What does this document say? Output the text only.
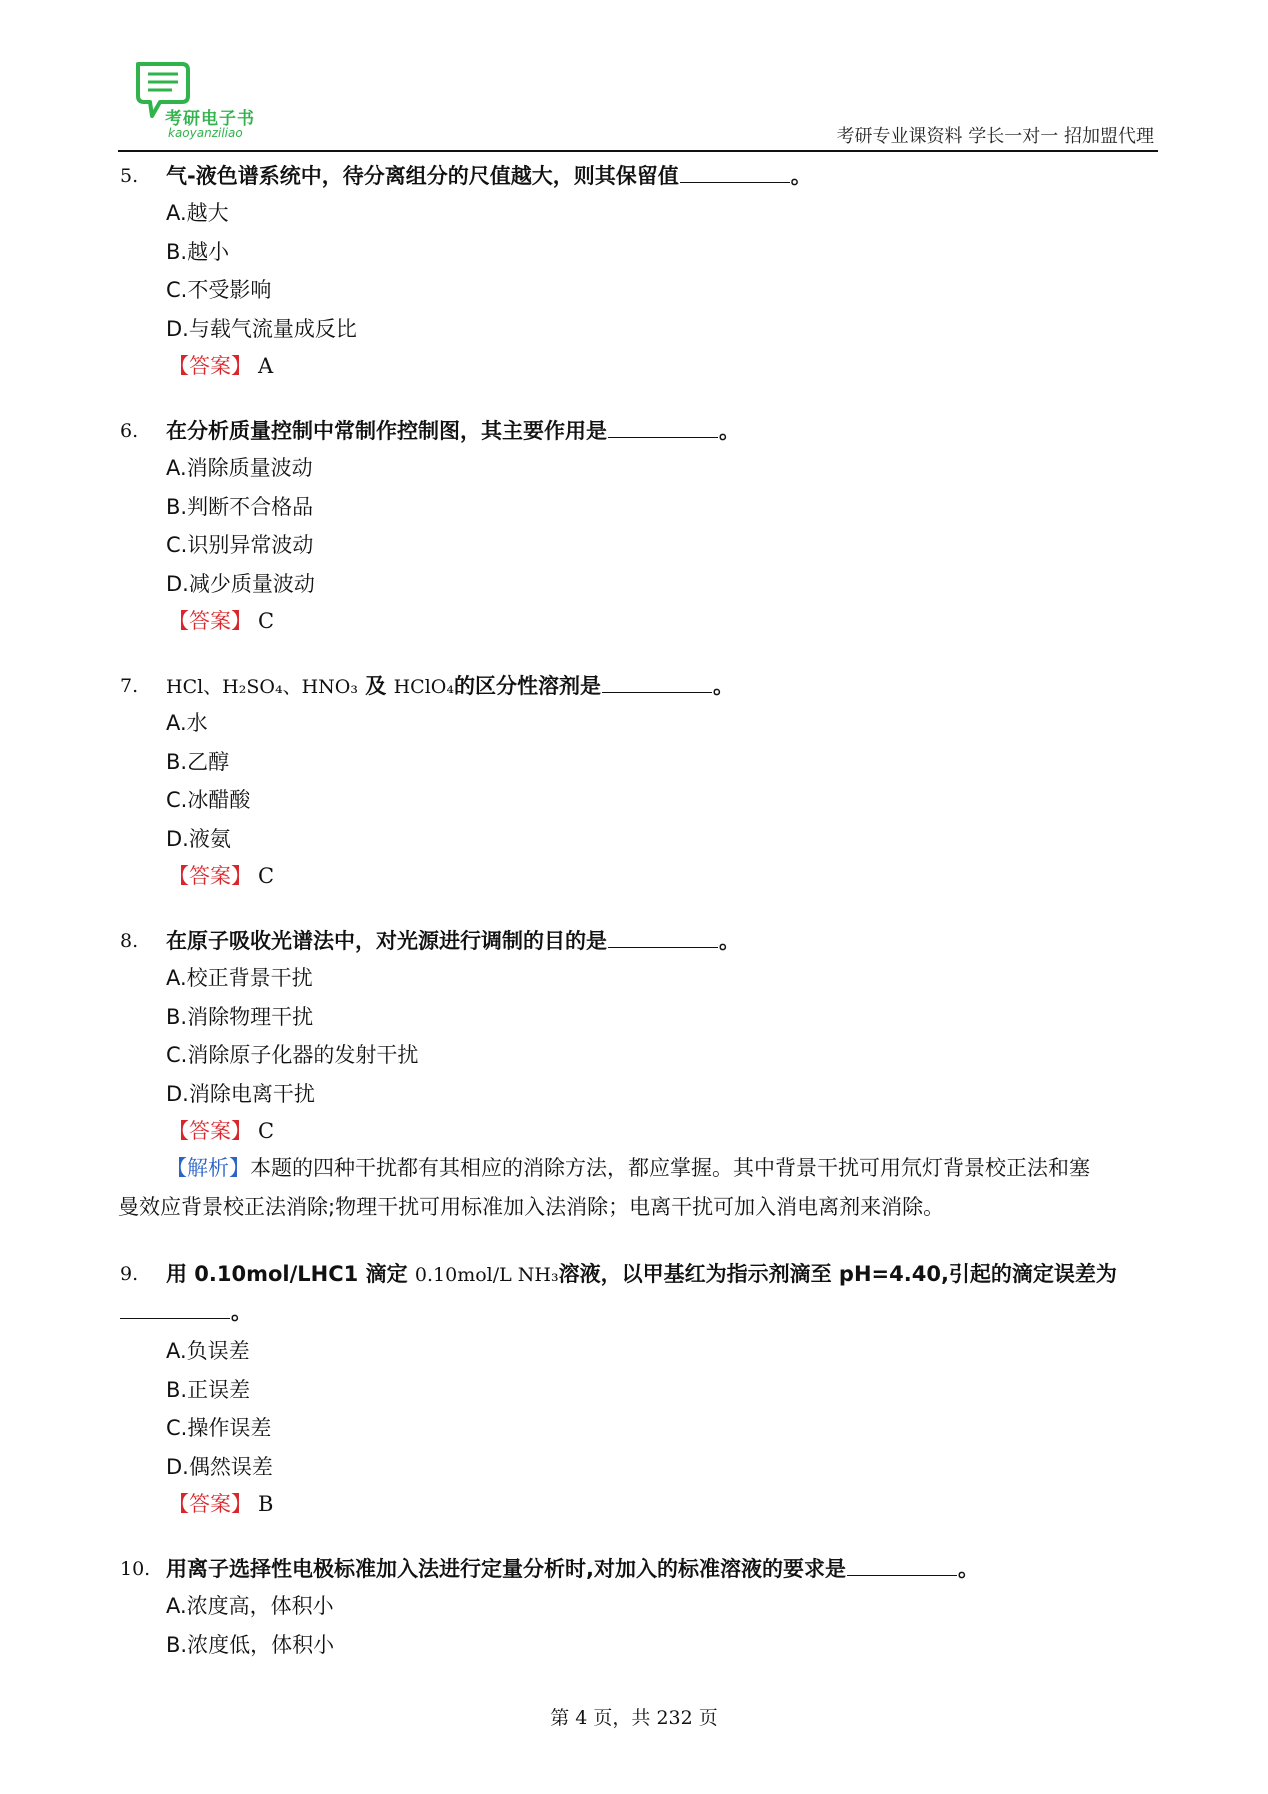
考研电子书
kaoyanziliao	考研专业课资料 学长一对一 招加盟代理
5. 气-液色谱系统中，待分离组分的尺值越大，则其保留值	。
A.越大
B.越小
C.不受影响
D.与载气流量成反比
【答案】 A
6. 在分析质量控制中常制作控制图，其主要作用是	。
A.消除质量波动
B.判断不合格品
C.识别异常波动
D.减少质量波动
【答案】 C
7. HCl、H₂SO₄、HNO₃ 及 HClO₄的区分性溶剂是	。
A.水
B.乙醇
C.冰醋酸
D.液氨
【答案】 C
8. 在原子吸收光谱法中，对光源进行调制的目的是	。
A.校正背景干扰
B.消除物理干扰
C.消除原子化器的发射干扰
D.消除电离干扰
【答案】 C
【解析】本题的四种干扰都有其相应的消除方法，都应掌握。其中背景干扰可用氘灯背景校正法和塞
曼效应背景校正法消除;物理干扰可用标准加入法消除；电离干扰可加入消电离剂来消除。
9. 用 0.10mol/LHC1 滴定 0.10mol/L NH₃溶液，以甲基红为指示剂滴至 pH=4.40,引起的滴定误差为
。
A.负误差
B.正误差
C.操作误差
D.偶然误差
【答案】 B
10. 用离子选择性电极标准加入法进行定量分析时,对加入的标准溶液的要求是	。
A.浓度高，体积小
B.浓度低，体积小
第 4 页，共 232 页
